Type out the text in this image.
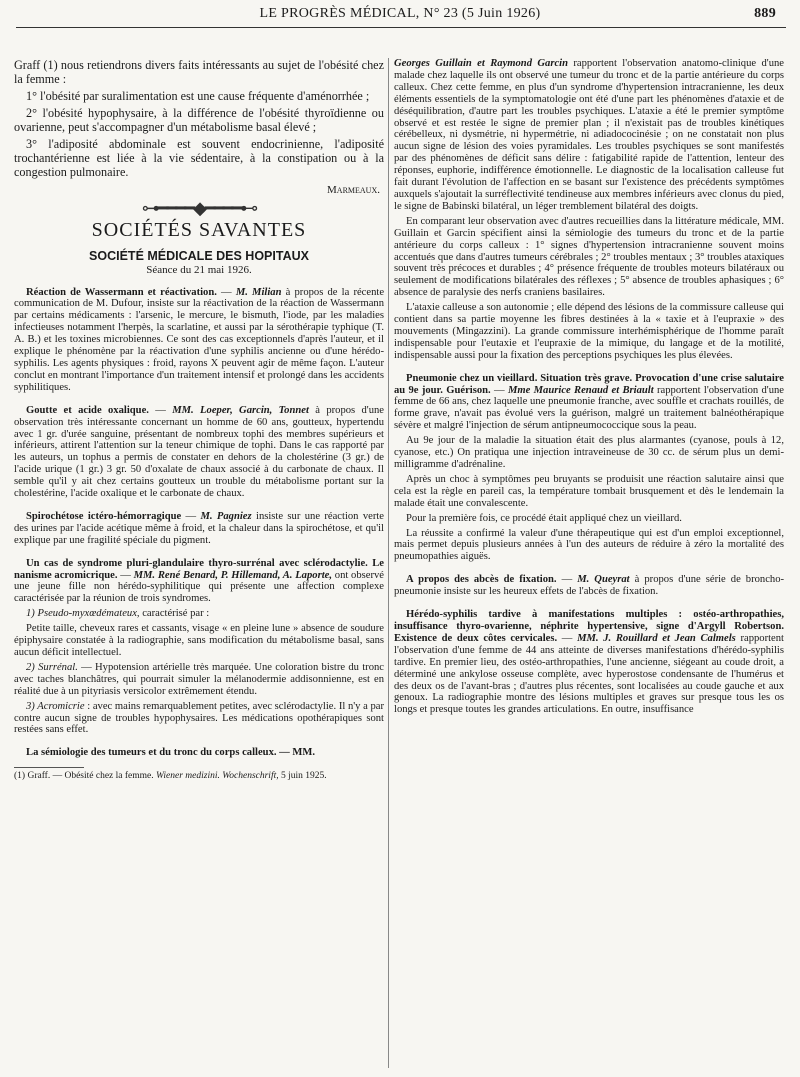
LE PROGRÈS MÉDICAL, N° 23 (5 Juin 1926)	889

Graff (1) nous retiendrons divers faits intéressants au sujet de l'obésité chez la femme :

1° l'obésité par suralimentation est une cause fréquente d'aménorrhée ;

2° l'obésité hypophysaire, à la différence de l'obésité thyroïdienne ou ovarienne, peut s'accompagner d'un métabolisme basal élevé ;

3° l'adiposité abdominale est souvent endocrinienne, l'adiposité trochantérienne est liée à la vie sédentaire, à la constipation ou à la congestion pulmonaire.

Marmeaux.
⊶━━━━◆━━━━⊷
SOCIÉTÉS SAVANTES
SOCIÉTÉ MÉDICALE DES HOPITAUX
Séance du 21 mai 1926.

Réaction de Wassermann et réactivation. — M. Milian à propos de la récente communication de M. Dufour, insiste sur la réactivation de la réaction de Wassermann par certains médicaments : l'arsenic, le mercure, le bismuth, l'iode, par les maladies infectieuses notamment l'herpès, la scarlatine, et aussi par la sérothérapie typhique (T. A. B.) et les toxines microbiennes. Ce sont des cas exceptionnels d'après l'auteur, et il explique le phénomène par la réactivation d'une syphilis ancienne ou d'une hérédo-syphilis. Les agents physiques : froid, rayons X peuvent agir de même façon. L'auteur conclut en montrant l'importance d'un traitement intensif et prolongé dans les accidents syphilitiques.

Goutte et acide oxalique. — MM. Loeper, Garcin, Tonnet à propos d'une observation très intéressante concernant un homme de 60 ans, goutteux, hypertendu avec 1 gr. d'urée sanguine, présentant de nombreux tophi des membres supérieurs et inférieurs, attirent l'attention sur la teneur chimique de tophi. Dans le cas rapporté par les auteurs, un tophus a permis de constater en dehors de la cholestérine (3 gr.) de l'acide urique (1 gr.) 3 gr. 50 d'oxalate de chaux associé à du carbonate de chaux. Il semble qu'il y ait chez certains goutteux un trouble du métabolisme portant sur la cholestérine, l'acide oxalique et le carbonate de chaux.

Spirochétose ictéro-hémorragique — M. Pagniez insiste sur une réaction verte des urines par l'acide acétique même à froid, et la chaleur dans la spirochétose, et qu'il explique par une fragilité spéciale du pigment.

Un cas de syndrome pluri-glandulaire thyro-surrénal avec sclérodactylie. Le nanisme acromicrique. — MM. René Benard, P. Hillemand, A. Laporte, ont observé une jeune fille non hérédo-syphilitique qui présente une affection complexe caractérisée par la réunion de trois syndromes.

1) Pseudo-myxœdémateux, caractérisé par :

Petite taille, cheveux rares et cassants, visage « en pleine lune » absence de soudure épiphysaire constatée à la radiographie, sans modification du métabolisme basal, sans aucun déficit intellectuel.

2) Surrénal. — Hypotension artérielle très marquée. Une coloration bistre du tronc avec taches blanchâtres, qui pourrait simuler la mélanodermie addisonnienne, est en réalité due à un pityriasis versicolor extrêmement étendu.

3) Acromicrie : avec mains remarquablement petites, avec sclérodactylie. Il n'y a par contre aucun signe de troubles hypophysaires. Les médications opothérapiques sont restées sans effet.

La sémiologie des tumeurs et du tronc du corps calleux. — MM.

(1) Graff. — Obésité chez la femme. Wiener medizini. Wochenschrift, 5 juin 1925.

Georges Guillain et Raymond Garcin rapportent l'observation anatomo-clinique d'une malade chez laquelle ils ont observé une tumeur du tronc et de la partie antérieure du corps calleux. Chez cette femme, en plus d'un syndrome d'hypertension intracranienne, les deux éléments essentiels de la symptomatologie ont été d'une part les phénomènes d'ataxie et de déséquilibration, d'autre part les troubles psychiques. L'ataxie a été le premier symptôme observé et est restée le signe de premier plan ; il n'existait pas de troubles kinétiques cérébelleux, ni dysmétrie, ni hypermétrie, ni adiadococinésie ; on ne constatait non plus aucun signe de lésion des voies pyramidales. Les troubles psychiques se sont manifestés par des phénomènes de déficit sans délire : fatigabilité rapide de l'attention, lenteur des réponses, euphorie, indifférence émotionnelle. Le diagnostic de la localisation calleuse fut fait durant l'évolution de l'affection en se basant sur l'existence des précédents symptômes auxquels s'ajoutait la surréflectivité tendineuse aux membres inférieurs avec clonus du pied, le signe de Babinski bilatéral, un léger tremblement bilatéral des doigts.

En comparant leur observation avec d'autres recueillies dans la littérature médicale, MM. Guillain et Garcin spécifient ainsi la sémiologie des tumeurs du tronc et de la partie antérieure du corps calleux : 1° signes d'hypertension intracranienne souvent moins accentués que dans d'autres tumeurs cérébrales ; 2° troubles mentaux ; 3° troubles ataxiques souvent très précoces et durables ; 4° présence fréquente de troubles moteurs bilatéraux ou seulement de modifications bilatérales des réflexes ; 5° absence de troubles aphasiques ; 6° absence de paralysie des nerfs craniens basilaires.

L'ataxie calleuse a son autonomie ; elle dépend des lésions de la commissure calleuse qui contient dans sa partie moyenne les fibres destinées à la « taxie et à l'eupraxie » des mouvements (Mingazzini). La grande commissure interhémisphérique de l'homme paraît indispensable pour l'eutaxie et l'eupraxie de la mimique, du langage et de la motilité, indispensable aussi pour la fixation des perceptions psychiques les plus élevées.

Pneumonie chez un vieillard. Situation très grave. Provocation d'une crise salutaire au 9e jour. Guérison. — Mme Maurice Renaud et Briault rapportent l'observation d'une femme de 66 ans, chez laquelle une pneumonie franche, avec souffle et crachats rouillés, de forme grave, n'avait pas évolué vers la guérison, malgré un traitement balnéothérapique sévère et malgré l'injection de sérum antipneumococcique sous la peau.

Au 9e jour de la maladie la situation était des plus alarmantes (cyanose, pouls à 12, cyanose, etc.) On pratiqua une injection intraveineuse de 30 cc. de sérum plus un demi-milligramme d'adrénaline.

Après un choc à symptômes peu bruyants se produisit une réaction salutaire ainsi que cela est la règle en pareil cas, la température tombait brusquement et dès le lendemain la malade était une convalescente.

Pour la première fois, ce procédé était appliqué chez un vieillard.

La réussite a confirmé la valeur d'une thérapeutique qui est d'un emploi exceptionnel, mais permet depuis plusieurs années à l'un des auteurs de réduire à zéro la mortalité des pneumopathies aiguës.

A propos des abcès de fixation. — M. Queyrat à propos d'une série de broncho-pneumonie insiste sur les heureux effets de l'abcès de fixation.

Hérédo-syphilis tardive à manifestations multiples : ostéo-arthropathies, insuffisance thyro-ovarienne, néphrite hypertensive, signe d'Argyll Robertson. Existence de deux côtes cervicales. — MM. J. Rouillard et Jean Calmels rapportent l'observation d'une femme de 44 ans atteinte de diverses manifestations d'hérédo-syphilis tardive. En premier lieu, des ostéo-arthropathies, l'une ancienne, siégeant au coude droit, a déterminé une ankylose osseuse complète, avec hyperostose condensante de l'humérus et des deux os de l'avant-bras ; d'autres plus récentes, sont localisées au coude gauche et aux genoux. La radiographie montre des lésions multiples et graves sur presque tous les os longs et presque toutes les grandes articulations. En outre, insuffisance
